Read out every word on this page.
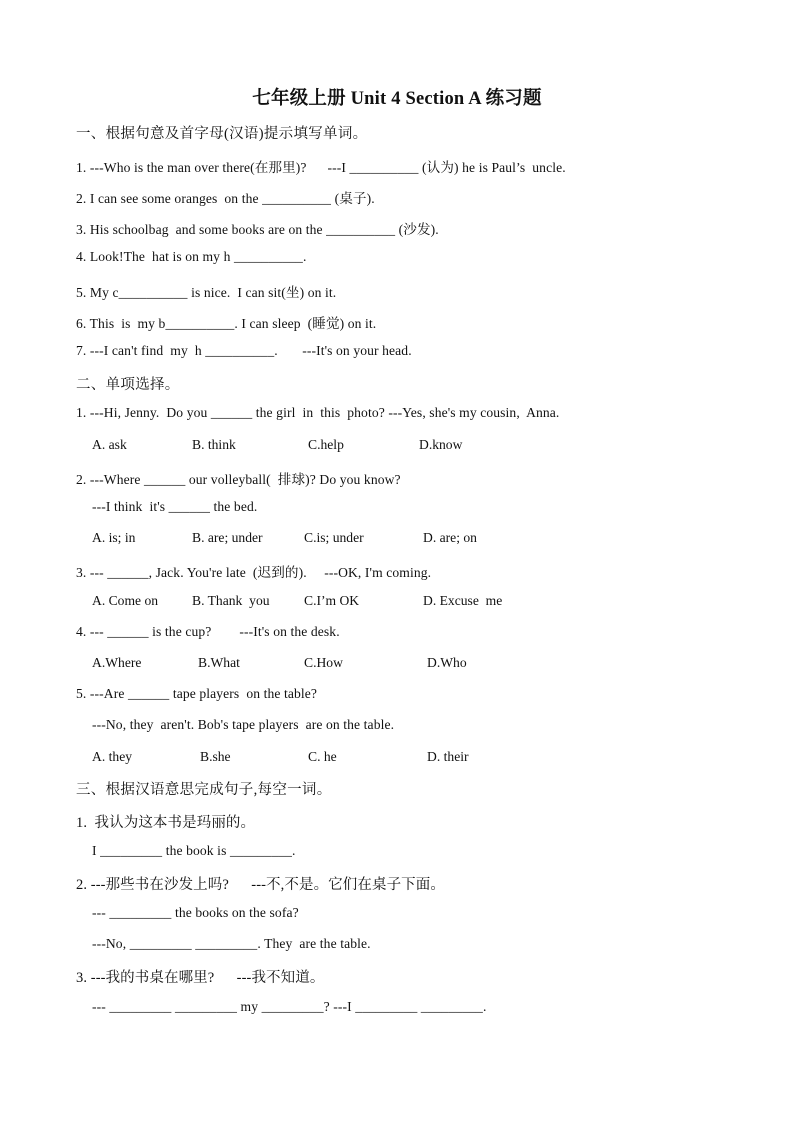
七年级上册 Unit 4 Section A 练习题
一、根据句意及首字母(汉语)提示填写单词。
1. ---Who is the man over there(在那里)?      ---I __________ (认为) he is Paul’s  uncle.
2. I can see some oranges  on the __________ (桌子).
3. His schoolbag  and some books are on the __________ (沙发).
4. Look!The  hat is on my h __________.
5. My c__________ is nice.  I can sit(坐) on it.
6. This  is  my b__________. I can sleep  (睡觉) on it.
7. ---I can't find  my  h __________.       ---It's on your head.
二、单项选择。
1. ---Hi, Jenny.  Do you ______ the girl  in  this  photo? ---Yes, she's my cousin,  Anna.
A. ask	B. think	C.help	D.know
2. ---Where ______ our volleyball(  排球)? Do you know?
---I think  it's ______ the bed.
A. is; in	B. are; under	C.is; under	D. are; on
3. --- ______, Jack. You're late  (迟到的).     ---OK, I'm coming.
A. Come on B. Thank  you	C.I’m OK	D. Excuse  me
4. --- ______ is the cup?        ---It's on the desk.
A.Where	B.What	C.How	D.Who
5. ---Are ______ tape players  on the table?
---No, they  aren't. Bob's tape players  are on the table.
A. they	B.she	C. he	D. their
三、根据汉语意思完成句子,每空一词。
1.  我认为这本书是玛丽的。
I _________ the book is _________.
2. ---那些书在沙发上吗?      ---不,不是。它们在桌子下面。
--- _________ the books on the sofa?
---No, _________ _________. They  are the table.
3. ---我的书桌在哪里?      ---我不知道。
--- _________ _________ my _________? ---I _________ _________.
